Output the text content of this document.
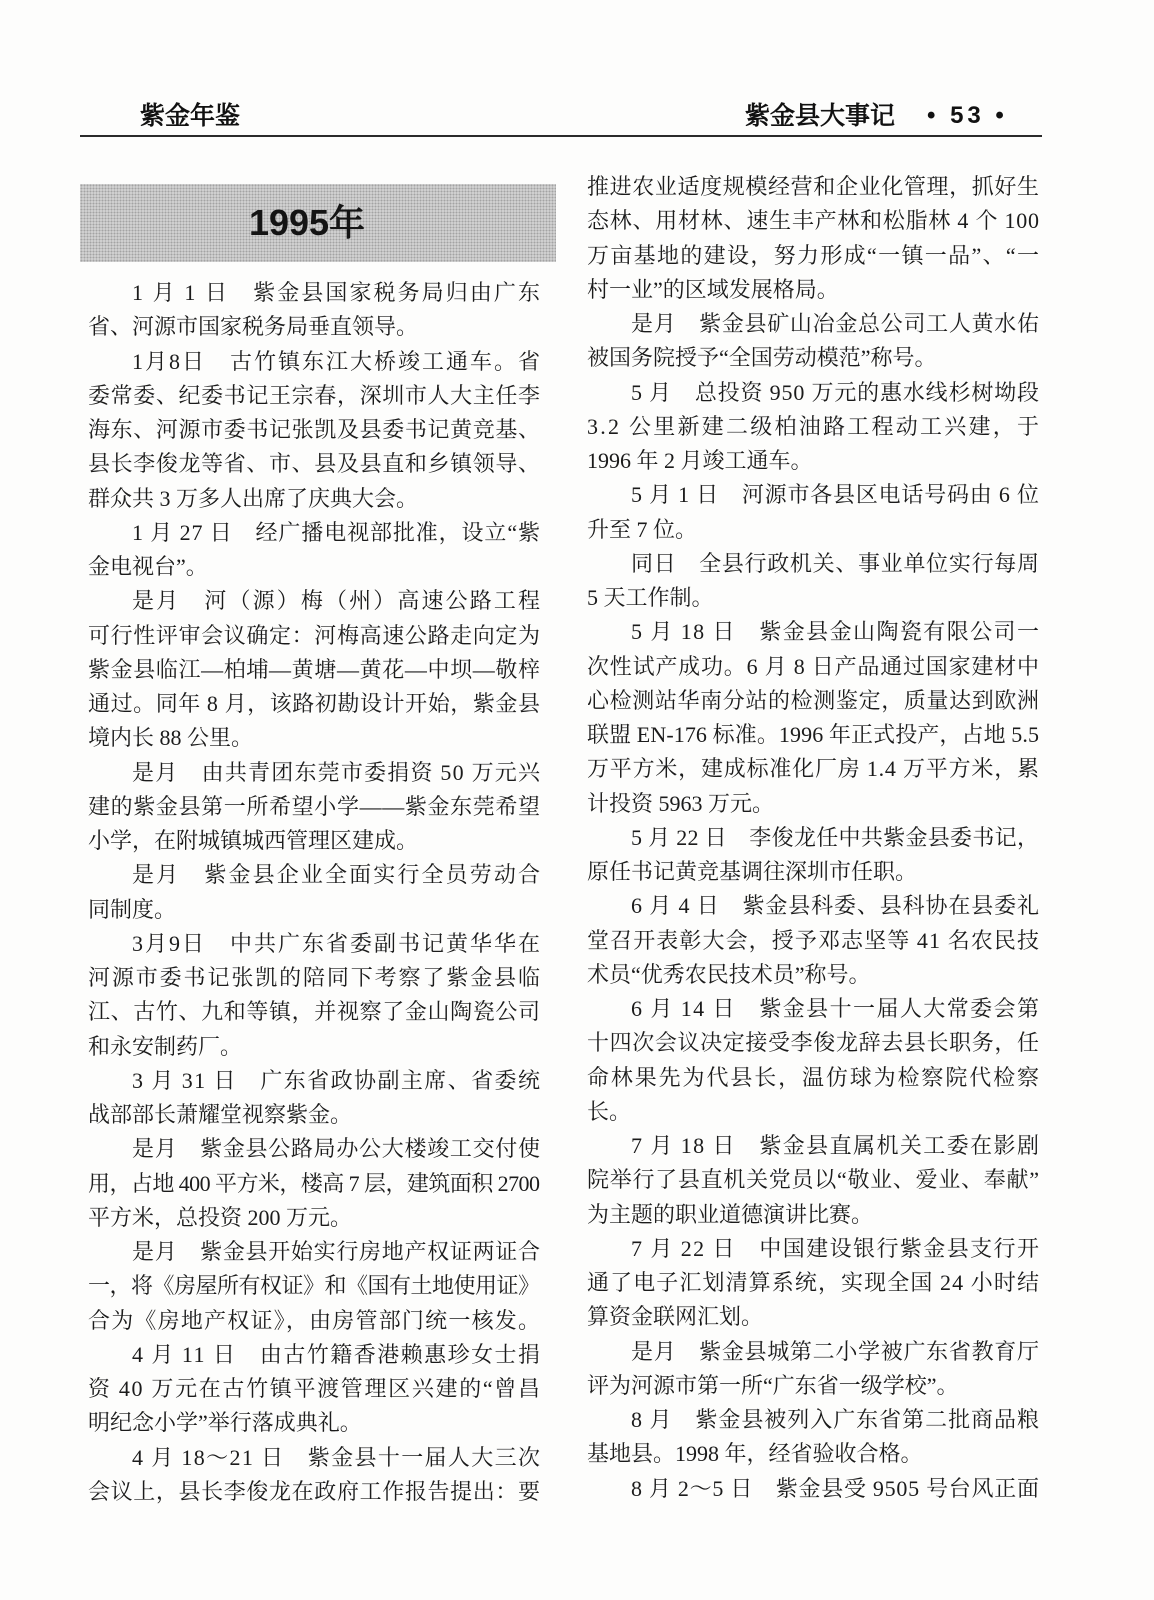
紫金年鉴	紫金县大事记 • 53 •
1995年
1 月 1 日　紫金县国家税务局归由广东
省、河源市国家税务局垂直领导。
1月8日　古竹镇东江大桥竣工通车。省
委常委、纪委书记王宗春，深圳市人大主任李
海东、河源市委书记张凯及县委书记黄竞基、
县长李俊龙等省、市、县及县直和乡镇领导、
群众共 3 万多人出席了庆典大会。
1 月 27 日　经广播电视部批准，设立“紫
金电视台”。
是月　河（源）梅（州）高速公路工程
可行性评审会议确定：河梅高速公路走向定为
紫金县临江—柏埔—黄塘—黄花—中坝—敬梓
通过。同年 8 月，该路初勘设计开始，紫金县
境内长 88 公里。
是月　由共青团东莞市委捐资 50 万元兴
建的紫金县第一所希望小学——紫金东莞希望
小学，在附城镇城西管理区建成。
是月　紫金县企业全面实行全员劳动合
同制度。
3月9日　中共广东省委副书记黄华华在
河源市委书记张凯的陪同下考察了紫金县临
江、古竹、九和等镇，并视察了金山陶瓷公司
和永安制药厂。
3 月 31 日　广东省政协副主席、省委统
战部部长萧耀堂视察紫金。
是月　紫金县公路局办公大楼竣工交付使
用，占地 400 平方米，楼高 7 层，建筑面积 2700
平方米，总投资 200 万元。
是月　紫金县开始实行房地产权证两证合
一，将《房屋所有权证》和《国有土地使用证》
合为《房地产权证》，由房管部门统一核发。
4 月 11 日　由古竹籍香港赖惠珍女士捐
资 40 万元在古竹镇平渡管理区兴建的“曾昌
明纪念小学”举行落成典礼。
4 月 18～21 日　紫金县十一届人大三次
会议上，县长李俊龙在政府工作报告提出：要
推进农业适度规模经营和企业化管理，抓好生
态林、用材林、速生丰产林和松脂林 4 个 100
万亩基地的建设，努力形成“一镇一品”、“一
村一业”的区域发展格局。
是月　紫金县矿山冶金总公司工人黄水佑
被国务院授予“全国劳动模范”称号。
5 月　总投资 950 万元的惠水线杉树坳段
3.2 公里新建二级柏油路工程动工兴建，于
1996 年 2 月竣工通车。
5 月 1 日　河源市各县区电话号码由 6 位
升至 7 位。
同日　全县行政机关、事业单位实行每周
5 天工作制。
5 月 18 日　紫金县金山陶瓷有限公司一
次性试产成功。6 月 8 日产品通过国家建材中
心检测站华南分站的检测鉴定，质量达到欧洲
联盟 EN-176 标准。1996 年正式投产，占地 5.5
万平方米，建成标准化厂房 1.4 万平方米，累
计投资 5963 万元。
5 月 22 日　李俊龙任中共紫金县委书记，
原任书记黄竞基调往深圳市任职。
6 月 4 日　紫金县科委、县科协在县委礼
堂召开表彰大会，授予邓志坚等 41 名农民技
术员“优秀农民技术员”称号。
6 月 14 日　紫金县十一届人大常委会第
十四次会议决定接受李俊龙辞去县长职务，任
命林果先为代县长，温仿球为检察院代检察
长。
7 月 18 日　紫金县直属机关工委在影剧
院举行了县直机关党员以“敬业、爱业、奉献”
为主题的职业道德演讲比赛。
7 月 22 日　中国建设银行紫金县支行开
通了电子汇划清算系统，实现全国 24 小时结
算资金联网汇划。
是月　紫金县城第二小学被广东省教育厅
评为河源市第一所“广东省一级学校”。
8 月　紫金县被列入广东省第二批商品粮
基地县。1998 年，经省验收合格。
8 月 2～5 日　紫金县受 9505 号台风正面
